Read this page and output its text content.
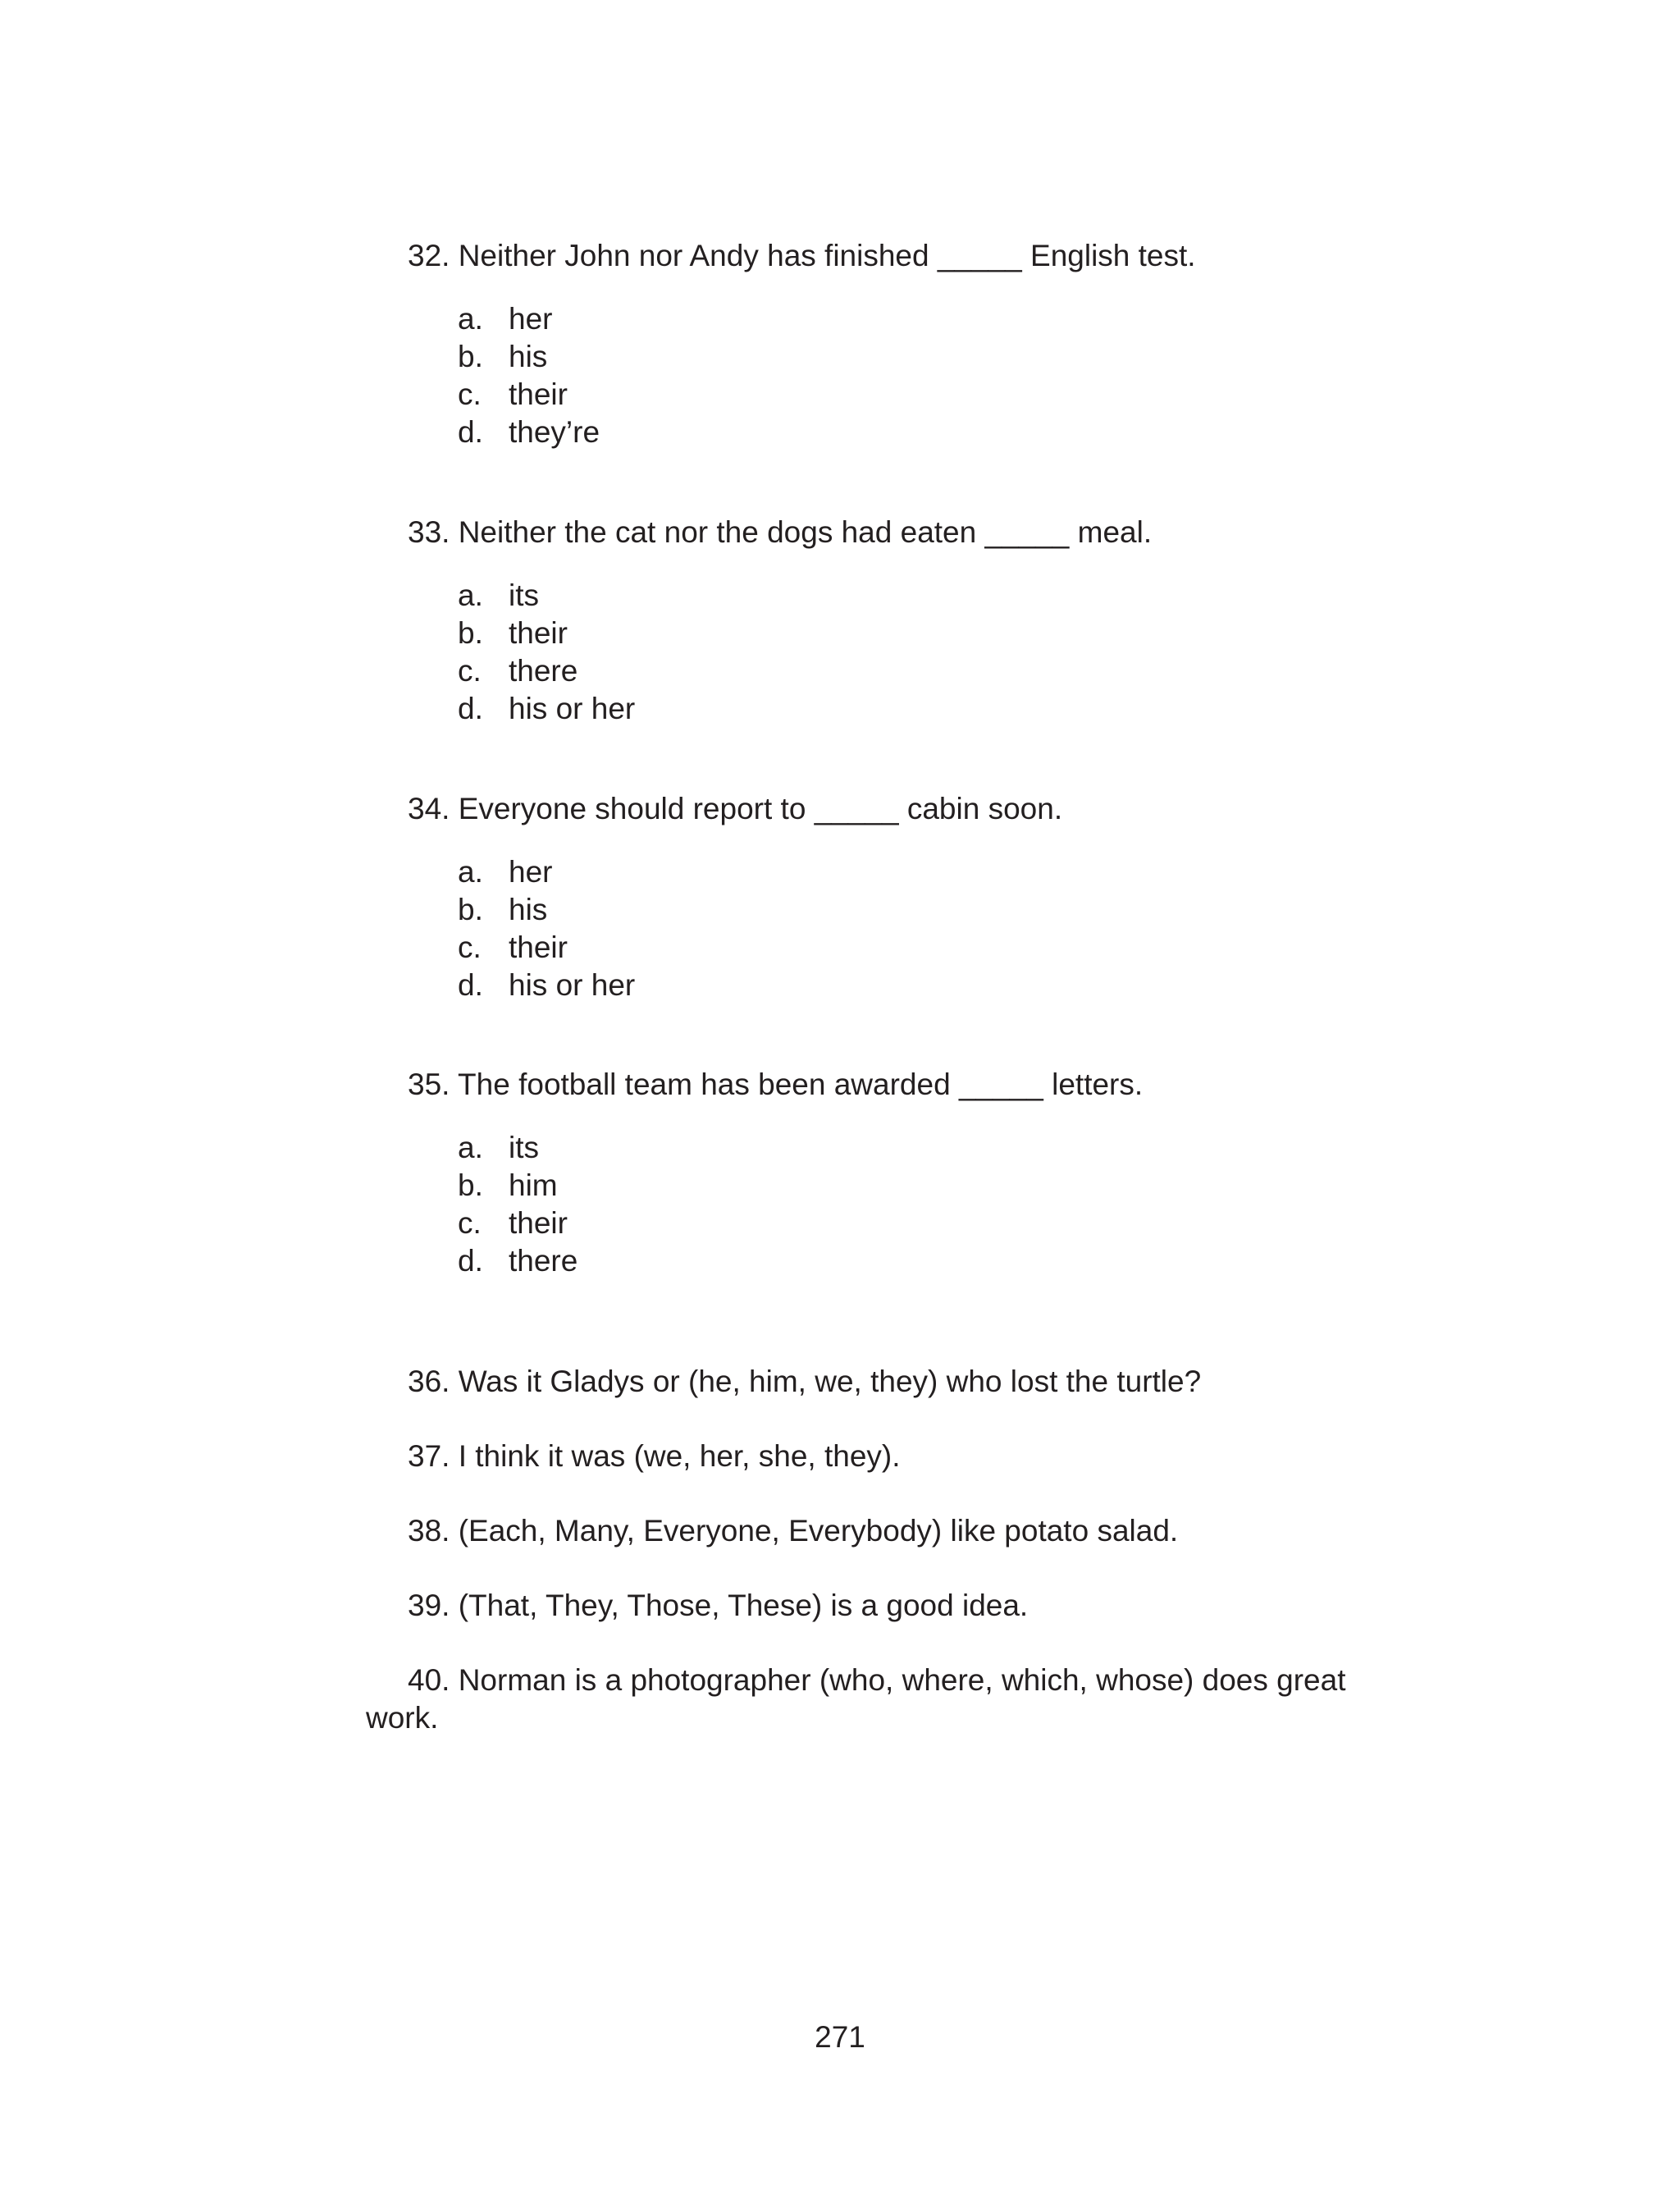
32. Neither John nor Andy has finished _____ English test.
a. her
b. his
c. their
d. they’re
33. Neither the cat nor the dogs had eaten _____ meal.
a. its
b. their
c. there
d. his or her
34. Everyone should report to _____ cabin soon.
a. her
b. his
c. their
d. his or her
35. The football team has been awarded _____ letters.
a. its
b. him
c. their
d. there
36. Was it Gladys or (he, him, we, they) who lost the turtle?
37. I think it was (we, her, she, they).
38. (Each, Many, Everyone, Everybody) like potato salad.
39. (That, They, Those, These) is a good idea.
40. Norman is a photographer (who, where, which, whose) does great work.
271
